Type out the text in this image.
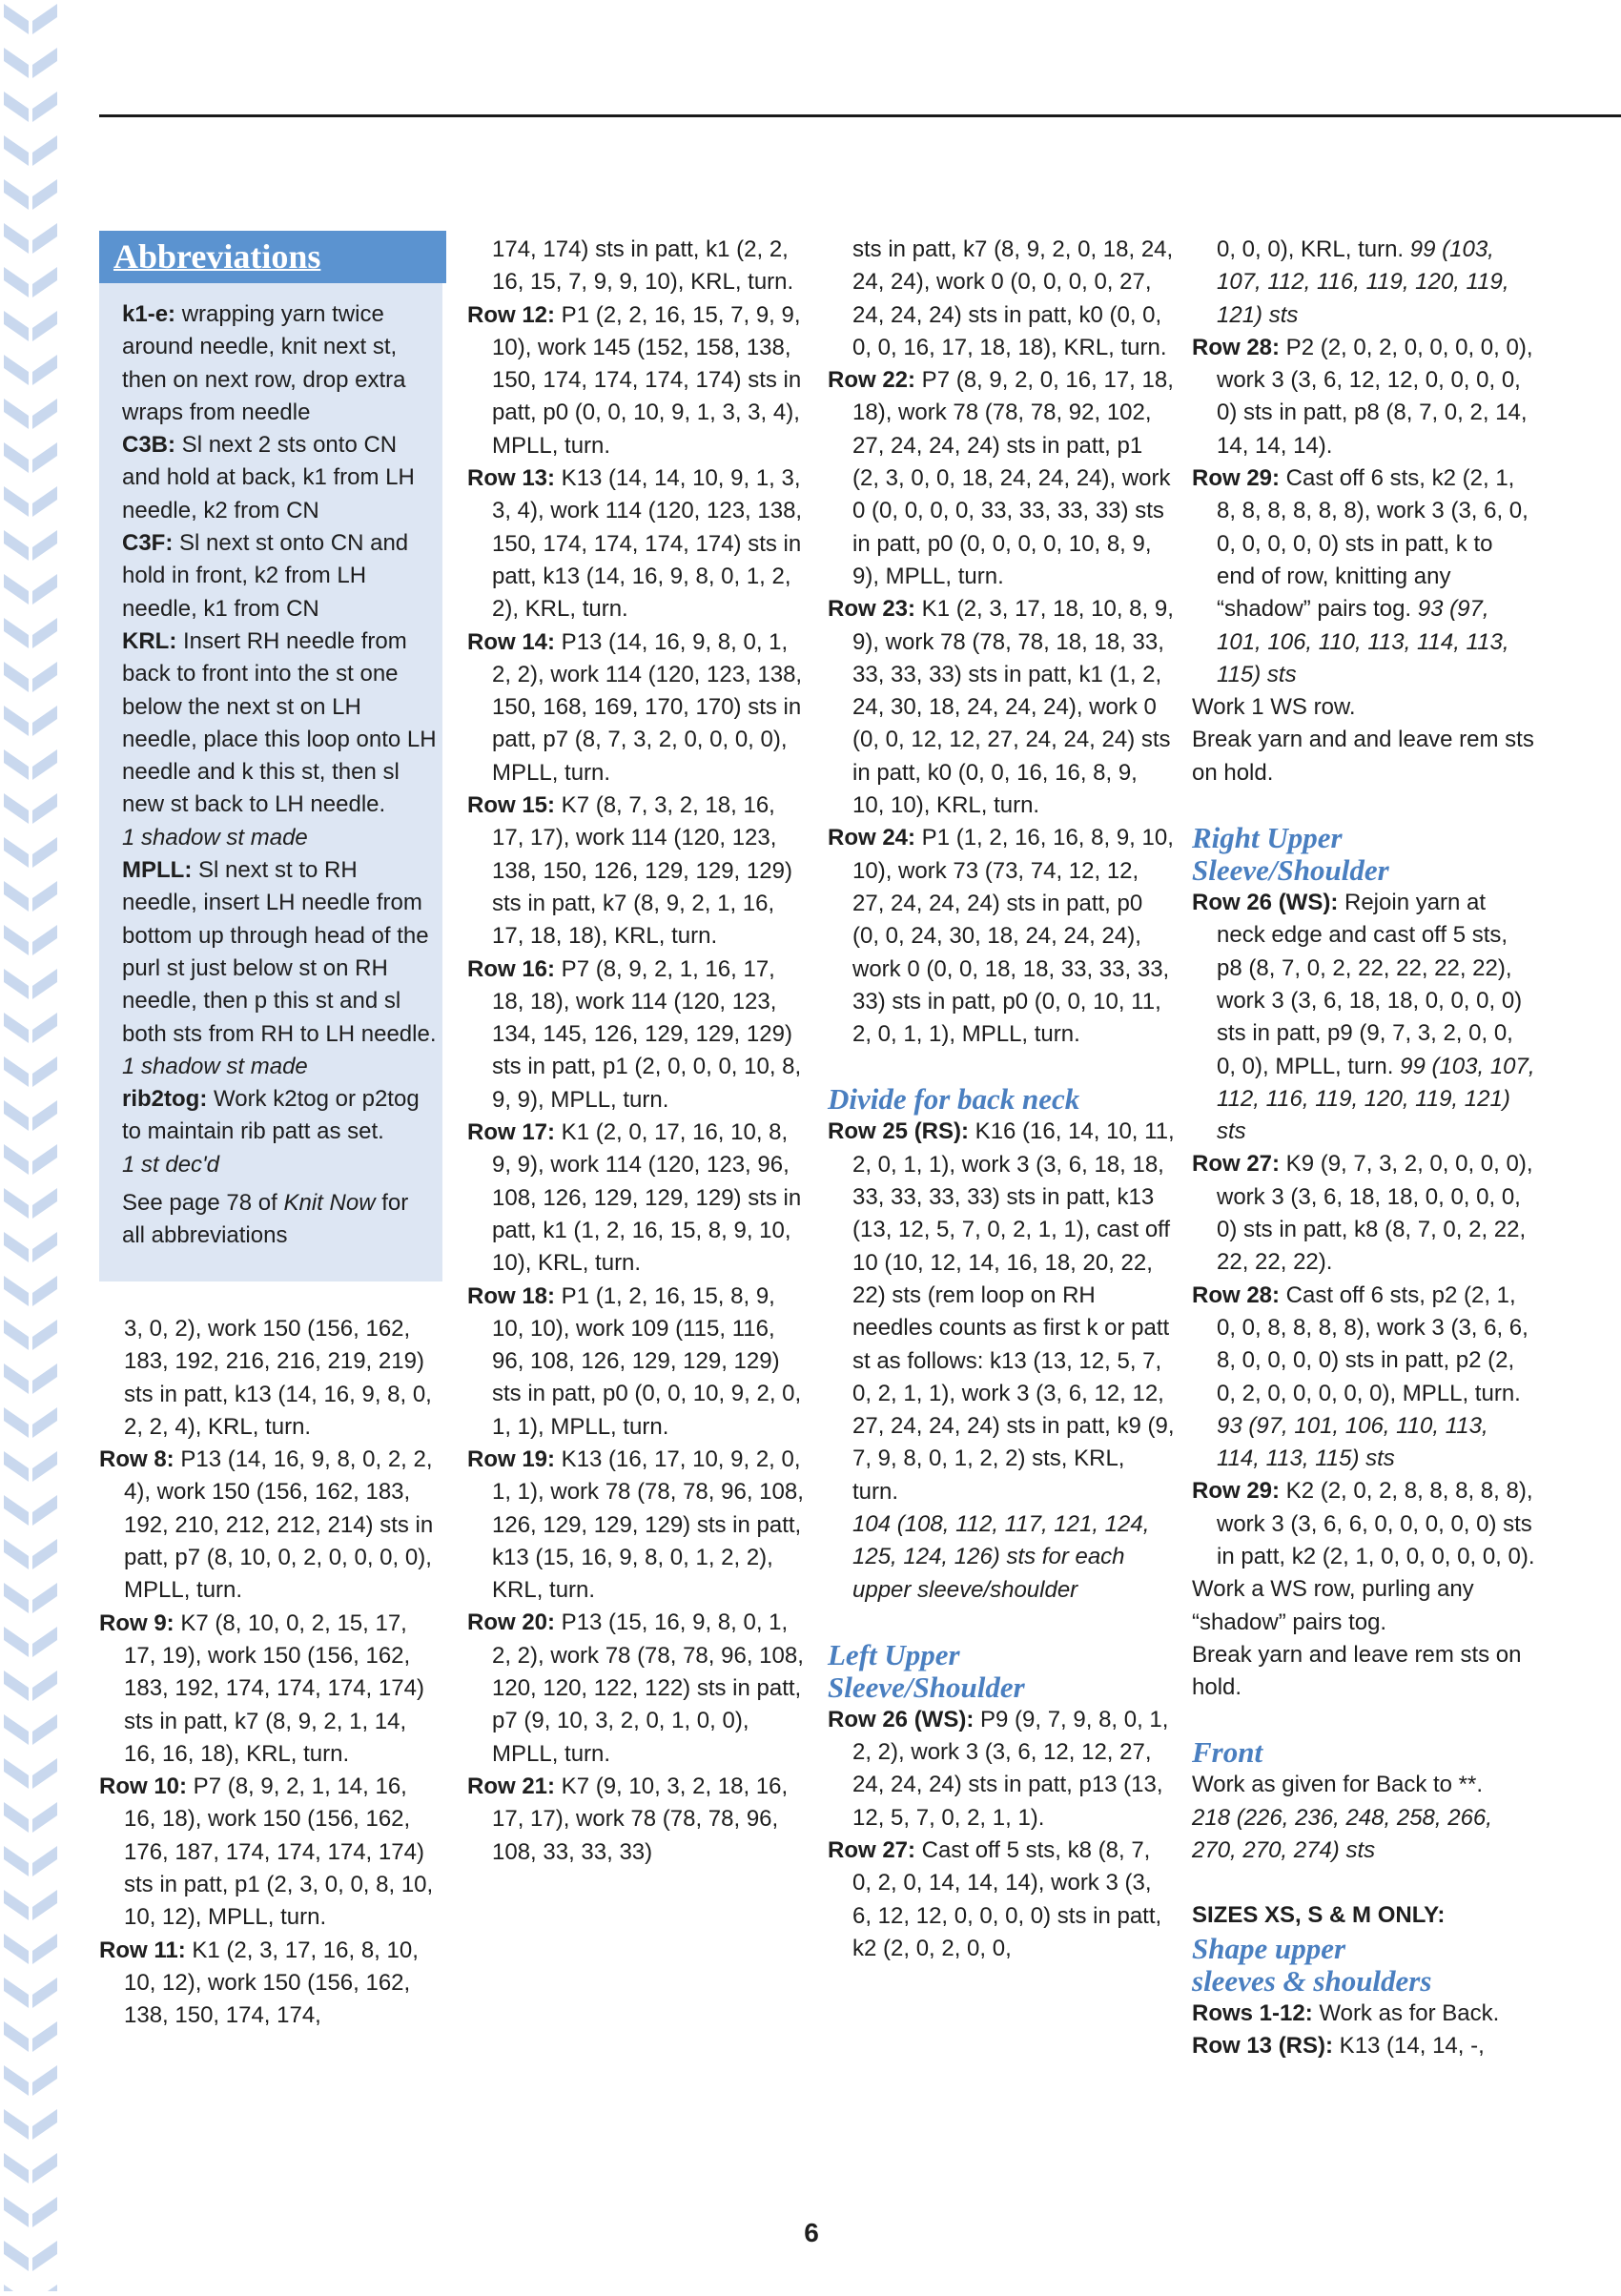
Abbreviations

k1-e: wrapping yarn twice around needle, knit next st, then on next row, drop extra wraps from needle

C3B: Sl next 2 sts onto CN and hold at back, k1 from LH needle, k2 from CN

C3F: Sl next st onto CN and hold in front, k2 from LH needle, k1 from CN

KRL: Insert RH needle from back to front into the st one below the next st on LH needle, place this loop onto LH needle and k this st, then sl new st back to LH needle.
1 shadow st made

MPLL: Sl next st to RH needle, insert LH needle from bottom up through head of the purl st just below st on RH needle, then p this st and sl both sts from RH to LH needle. 1 shadow st made

rib2tog: Work k2tog or p2tog to maintain rib patt as set.
1 st dec'd

See page 78 of Knit Now for all abbreviations

3, 0, 2), work 150 (156, 162, 183, 192, 216, 216, 219, 219) sts in patt, k13 (14, 16, 9, 8, 0, 2, 2, 4), KRL, turn.

Row 8: P13 (14, 16, 9, 8, 0, 2, 2, 4), work 150 (156, 162, 183, 192, 210, 212, 212, 214) sts in patt, p7 (8, 10, 0, 2, 0, 0, 0, 0), MPLL, turn.

Row 9: K7 (8, 10, 0, 2, 15, 17, 17, 19), work 150 (156, 162, 183, 192, 174, 174, 174, 174) sts in patt, k7 (8, 9, 2, 1, 14, 16, 16, 18), KRL, turn.

Row 10: P7 (8, 9, 2, 1, 14, 16, 16, 18), work 150 (156, 162, 176, 187, 174, 174, 174, 174) sts in patt, p1 (2, 3, 0, 0, 8, 10, 10, 12), MPLL, turn.

Row 11: K1 (2, 3, 17, 16, 8, 10, 10, 12), work 150 (156, 162, 138, 150, 174, 174,

174, 174) sts in patt, k1 (2, 2, 16, 15, 7, 9, 9, 10), KRL, turn.

Row 12: P1 (2, 2, 16, 15, 7, 9, 9, 10), work 145 (152, 158, 138, 150, 174, 174, 174, 174) sts in patt, p0 (0, 0, 10, 9, 1, 3, 3, 4), MPLL, turn.

Row 13: K13 (14, 14, 10, 9, 1, 3, 3, 4), work 114 (120, 123, 138, 150, 174, 174, 174, 174) sts in patt, k13 (14, 16, 9, 8, 0, 1, 2, 2), KRL, turn.

Row 14: P13 (14, 16, 9, 8, 0, 1, 2, 2), work 114 (120, 123, 138, 150, 168, 169, 170, 170) sts in patt, p7 (8, 7, 3, 2, 0, 0, 0, 0), MPLL, turn.

Row 15: K7 (8, 7, 3, 2, 18, 16, 17, 17), work 114 (120, 123, 138, 150, 126, 129, 129, 129) sts in patt, k7 (8, 9, 2, 1, 16, 17, 18, 18), KRL, turn.

Row 16: P7 (8, 9, 2, 1, 16, 17, 18, 18), work 114 (120, 123, 134, 145, 126, 129, 129, 129) sts in patt, p1 (2, 0, 0, 0, 10, 8, 9, 9), MPLL, turn.

Row 17: K1 (2, 0, 17, 16, 10, 8, 9, 9), work 114 (120, 123, 96, 108, 126, 129, 129, 129) sts in patt, k1 (1, 2, 16, 15, 8, 9, 10, 10), KRL, turn.

Row 18: P1 (1, 2, 16, 15, 8, 9, 10, 10), work 109 (115, 116, 96, 108, 126, 129, 129, 129) sts in patt, p0 (0, 0, 10, 9, 2, 0, 1, 1), MPLL, turn.

Row 19: K13 (16, 17, 10, 9, 2, 0, 1, 1), work 78 (78, 78, 96, 108, 126, 129, 129, 129) sts in patt, k13 (15, 16, 9, 8, 0, 1, 2, 2), KRL, turn.

Row 20: P13 (15, 16, 9, 8, 0, 1, 2, 2), work 78 (78, 78, 96, 108, 120, 120, 122, 122) sts in patt, p7 (9, 10, 3, 2, 0, 1, 0, 0), MPLL, turn.

Row 21: K7 (9, 10, 3, 2, 18, 16, 17, 17), work 78 (78, 78, 96, 108, 33, 33, 33)

sts in patt, k7 (8, 9, 2, 0, 18, 24, 24, 24), work 0 (0, 0, 0, 0, 27, 24, 24, 24) sts in patt, k0 (0, 0, 0, 0, 16, 17, 18, 18), KRL, turn.

Row 22: P7 (8, 9, 2, 0, 16, 17, 18, 18), work 78 (78, 78, 92, 102, 27, 24, 24, 24) sts in patt, p1 (2, 3, 0, 0, 18, 24, 24, 24), work 0 (0, 0, 0, 0, 33, 33, 33, 33) sts in patt, p0 (0, 0, 0, 0, 10, 8, 9, 9), MPLL, turn.

Row 23: K1 (2, 3, 17, 18, 10, 8, 9, 9), work 78 (78, 78, 18, 18, 33, 33, 33, 33) sts in patt, k1 (1, 2, 24, 30, 18, 24, 24, 24), work 0 (0, 0, 12, 12, 27, 24, 24, 24) sts in patt, k0 (0, 0, 16, 16, 8, 9, 10, 10), KRL, turn.

Row 24: P1 (1, 2, 16, 16, 8, 9, 10, 10), work 73 (73, 74, 12, 12, 27, 24, 24, 24) sts in patt, p0 (0, 0, 24, 30, 18, 24, 24, 24), work 0 (0, 0, 18, 18, 33, 33, 33, 33) sts in patt, p0 (0, 0, 10, 11, 2, 0, 1, 1), MPLL, turn.

Divide for back neck

Row 25 (RS): K16 (16, 14, 10, 11, 2, 0, 1, 1), work 3 (3, 6, 18, 18, 33, 33, 33, 33) sts in patt, k13 (13, 12, 5, 7, 0, 2, 1, 1), cast off 10 (10, 12, 14, 16, 18, 20, 22, 22) sts (rem loop on RH needles counts as first k or patt st as follows: k13 (13, 12, 5, 7, 0, 2, 1, 1), work 3 (3, 6, 12, 12, 27, 24, 24, 24) sts in patt, k9 (9, 7, 9, 8, 0, 1, 2, 2) sts, KRL, turn.
104 (108, 112, 117, 121, 124, 125, 124, 126) sts for each upper sleeve/shoulder

Left Upper
Sleeve/Shoulder

Row 26 (WS): P9 (9, 7, 9, 8, 0, 1, 2, 2), work 3 (3, 6, 12, 12, 27, 24, 24, 24) sts in patt, p13 (13, 12, 5, 7, 0, 2, 1, 1).

Row 27: Cast off 5 sts, k8 (8, 7, 0, 2, 0, 14, 14, 14), work 3 (3, 6, 12, 12, 0, 0, 0, 0) sts in patt, k2 (2, 0, 2, 0, 0,

0, 0, 0), KRL, turn. 99 (103, 107, 112, 116, 119, 120, 119, 121) sts

Row 28: P2 (2, 0, 2, 0, 0, 0, 0, 0), work 3 (3, 6, 12, 12, 0, 0, 0, 0, 0) sts in patt, p8 (8, 7, 0, 2, 14, 14, 14, 14).

Row 29: Cast off 6 sts, k2 (2, 1, 8, 8, 8, 8, 8, 8), work 3 (3, 6, 0, 0, 0, 0, 0, 0) sts in patt, k to end of row, knitting any “shadow” pairs tog. 93 (97, 101, 106, 110, 113, 114, 113, 115) sts

Work 1 WS row.

Break yarn and and leave rem sts on hold.

Right Upper
Sleeve/Shoulder

Row 26 (WS): Rejoin yarn at neck edge and cast off 5 sts, p8 (8, 7, 0, 2, 22, 22, 22, 22), work 3 (3, 6, 18, 18, 0, 0, 0, 0) sts in patt, p9 (9, 7, 3, 2, 0, 0, 0, 0), MPLL, turn. 99 (103, 107, 112, 116, 119, 120, 119, 121) sts

Row 27: K9 (9, 7, 3, 2, 0, 0, 0, 0), work 3 (3, 6, 18, 18, 0, 0, 0, 0, 0) sts in patt, k8 (8, 7, 0, 2, 22, 22, 22, 22).

Row 28: Cast off 6 sts, p2 (2, 1, 0, 0, 8, 8, 8, 8), work 3 (3, 6, 6, 8, 0, 0, 0, 0) sts in patt, p2 (2, 0, 2, 0, 0, 0, 0, 0), MPLL, turn. 93 (97, 101, 106, 110, 113, 114, 113, 115) sts

Row 29: K2 (2, 0, 2, 8, 8, 8, 8, 8), work 3 (3, 6, 6, 0, 0, 0, 0, 0) sts in patt, k2 (2, 1, 0, 0, 0, 0, 0, 0).

Work a WS row, purling any “shadow” pairs tog.

Break yarn and leave rem sts on hold.

Front

Work as given for Back to **.

218 (226, 236, 248, 258, 266, 270, 270, 274) sts

SIZES XS, S & M ONLY:

Shape upper
sleeves & shoulders

Rows 1-12: Work as for Back.

Row 13 (RS): K13 (14, 14, -,

6
